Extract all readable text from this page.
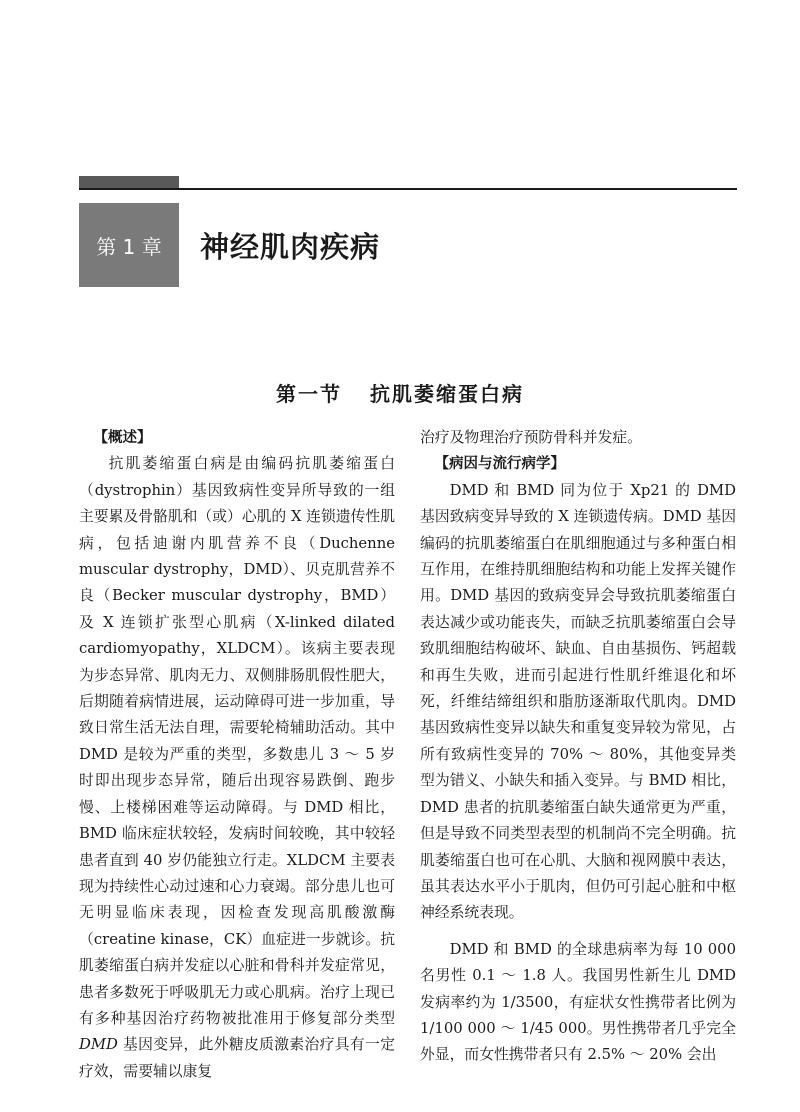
第 1 章 神经肌肉疾病
第一节 抗肌萎缩蛋白病
【概述】

抗肌萎缩蛋白病是由编码抗肌萎缩蛋白（dystrophin）基因致病性变异所导致的一组主要累及骨骼肌和（或）心肌的 X 连锁遗传性肌病，包括迪谢内肌营养不良（Duchenne muscular dystrophy，DMD）、贝克肌营养不良（Becker muscular dystrophy，BMD） 及 X 连锁扩张型心肌病（X-linked dilated cardiomyopathy，XLDCM）。该病主要表现为步态异常、肌肉无力、双侧腓肠肌假性肥大，后期随着病情进展，运动障碍可进一步加重，导致日常生活无法自理，需要轮椅辅助活动。其中 DMD 是较为严重的类型，多数患儿 3 ～ 5 岁时即出现步态异常，随后出现容易跌倒、跑步慢、上楼梯困难等运动障碍。与 DMD 相比，BMD 临床症状较轻，发病时间较晚，其中较轻患者直到 40 岁仍能独立行走。XLDCM 主要表现为持续性心动过速和心力衰竭。部分患儿也可无明显临床表现，因检查发现高肌酸激酶（creatine kinase，CK）血症进一步就诊。抗肌萎缩蛋白病并发症以心脏和骨科并发症常见，患者多数死于呼吸肌无力或心肌病。治疗上现已有多种基因治疗药物被批准用于修复部分类型 DMD 基因变异，此外糖皮质激素治疗具有一定疗效，需要辅以康复

治疗及物理治疗预防骨科并发症。

【病因与流行病学】

DMD 和 BMD 同为位于 Xp21 的 DMD 基因致病变异导致的 X 连锁遗传病。DMD 基因编码的抗肌萎缩蛋白在肌细胞通过与多种蛋白相互作用，在维持肌细胞结构和功能上发挥关键作用。DMD 基因的致病变异会导致抗肌萎缩蛋白表达减少或功能丧失，而缺乏抗肌萎缩蛋白会导致肌细胞结构破坏、缺血、自由基损伤、钙超载和再生失败，进而引起进行性肌纤维退化和坏死，纤维结缔组织和脂肪逐渐取代肌肉。DMD 基因致病性变异以缺失和重复变异较为常见，占所有致病性变异的 70% ～ 80%，其他变异类型为错义、小缺失和插入变异。与 BMD 相比，DMD 患者的抗肌萎缩蛋白缺失通常更为严重，但是导致不同类型表型的机制尚不完全明确。抗肌萎缩蛋白也可在心肌、大脑和视网膜中表达，虽其表达水平小于肌肉，但仍可引起心脏和中枢神经系统表现。

DMD 和 BMD 的全球患病率为每 10 000 名男性 0.1 ～ 1.8 人。我国男性新生儿 DMD 发病率约为 1/3500，有症状女性携带者比例为 1/100 000 ～ 1/45 000。男性携带者几乎完全外显，而女性携带者只有 2.5% ～ 20% 会出
